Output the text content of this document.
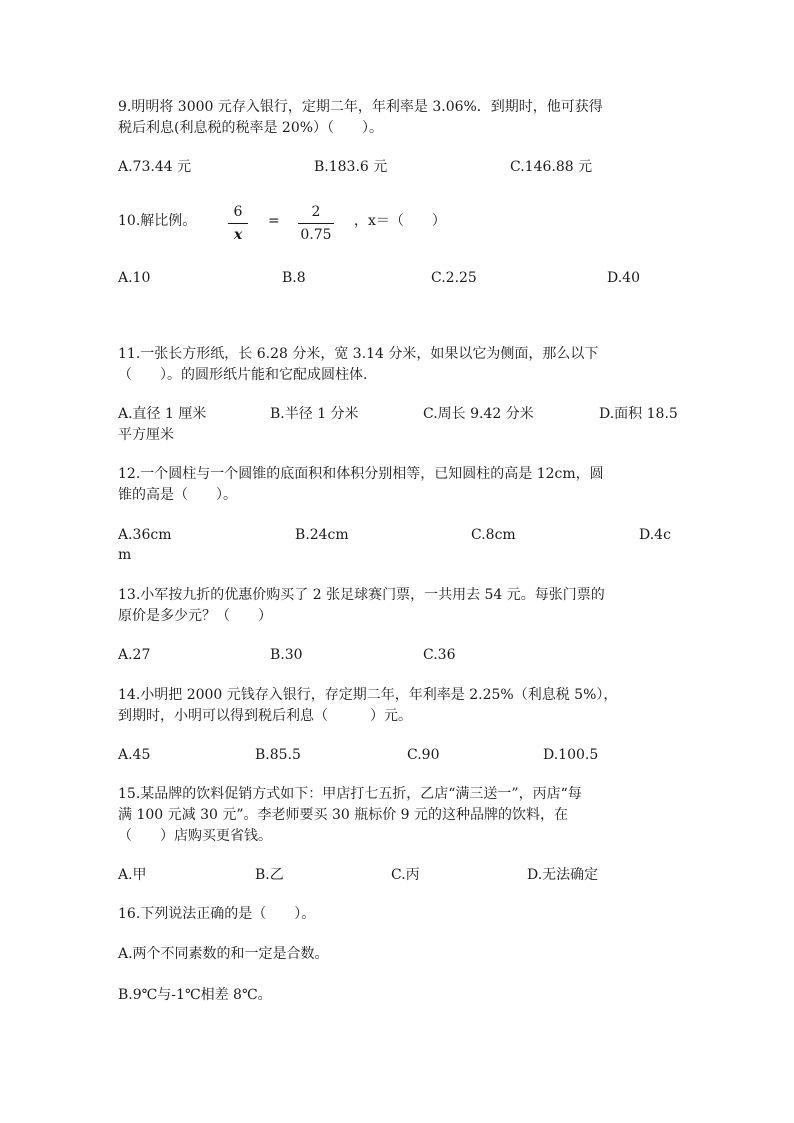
9.明明将 3000 元存入银行，定期二年，年利率是 3.06%．到期时，他可获得
税后利息(利息税的税率是 20%）（　　）。
A.73.44 元	B.183.6 元	C.146.88 元
10.解比例。
6
x
=
2
0.75
，x＝（　　）
A.10	B.8	C.2.25	D.40
11.一张长方形纸，长 6.28 分米，宽 3.14 分米，如果以它为侧面，那么以下
（　　）。的圆形纸片能和它配成圆柱体.
A.直径 1 厘米	B.半径 1 分米	C.周长 9.42 分米	D.面积 18.5
平方厘米
12.一个圆柱与一个圆锥的底面积和体积分别相等，已知圆柱的高是 12cm，圆
锥的高是（　　）。
A.36cm	B.24cm	C.8cm	D.4c
m
13.小军按九折的优惠价购买了 2 张足球赛门票，一共用去 54 元。每张门票的
原价是多少元？（　　）
A.27	B.30	C.36
14.小明把 2000 元钱存入银行，存定期二年，年利率是 2.25%（利息税 5%），
到期时，小明可以得到税后利息（　　　）元。
A.45	B.85.5	C.90	D.100.5
15.某品牌的饮料促销方式如下：甲店打七五折，乙店“满三送一”，丙店“每
满 100 元减 30 元”。李老师要买 30 瓶标价 9 元的这种品牌的饮料，在
（　　）店购买更省钱。
A.甲	B.乙	C.丙	D.无法确定
16.下列说法正确的是（　　）。
A.两个不同素数的和一定是合数。
B.9℃与-1℃相差 8℃。
